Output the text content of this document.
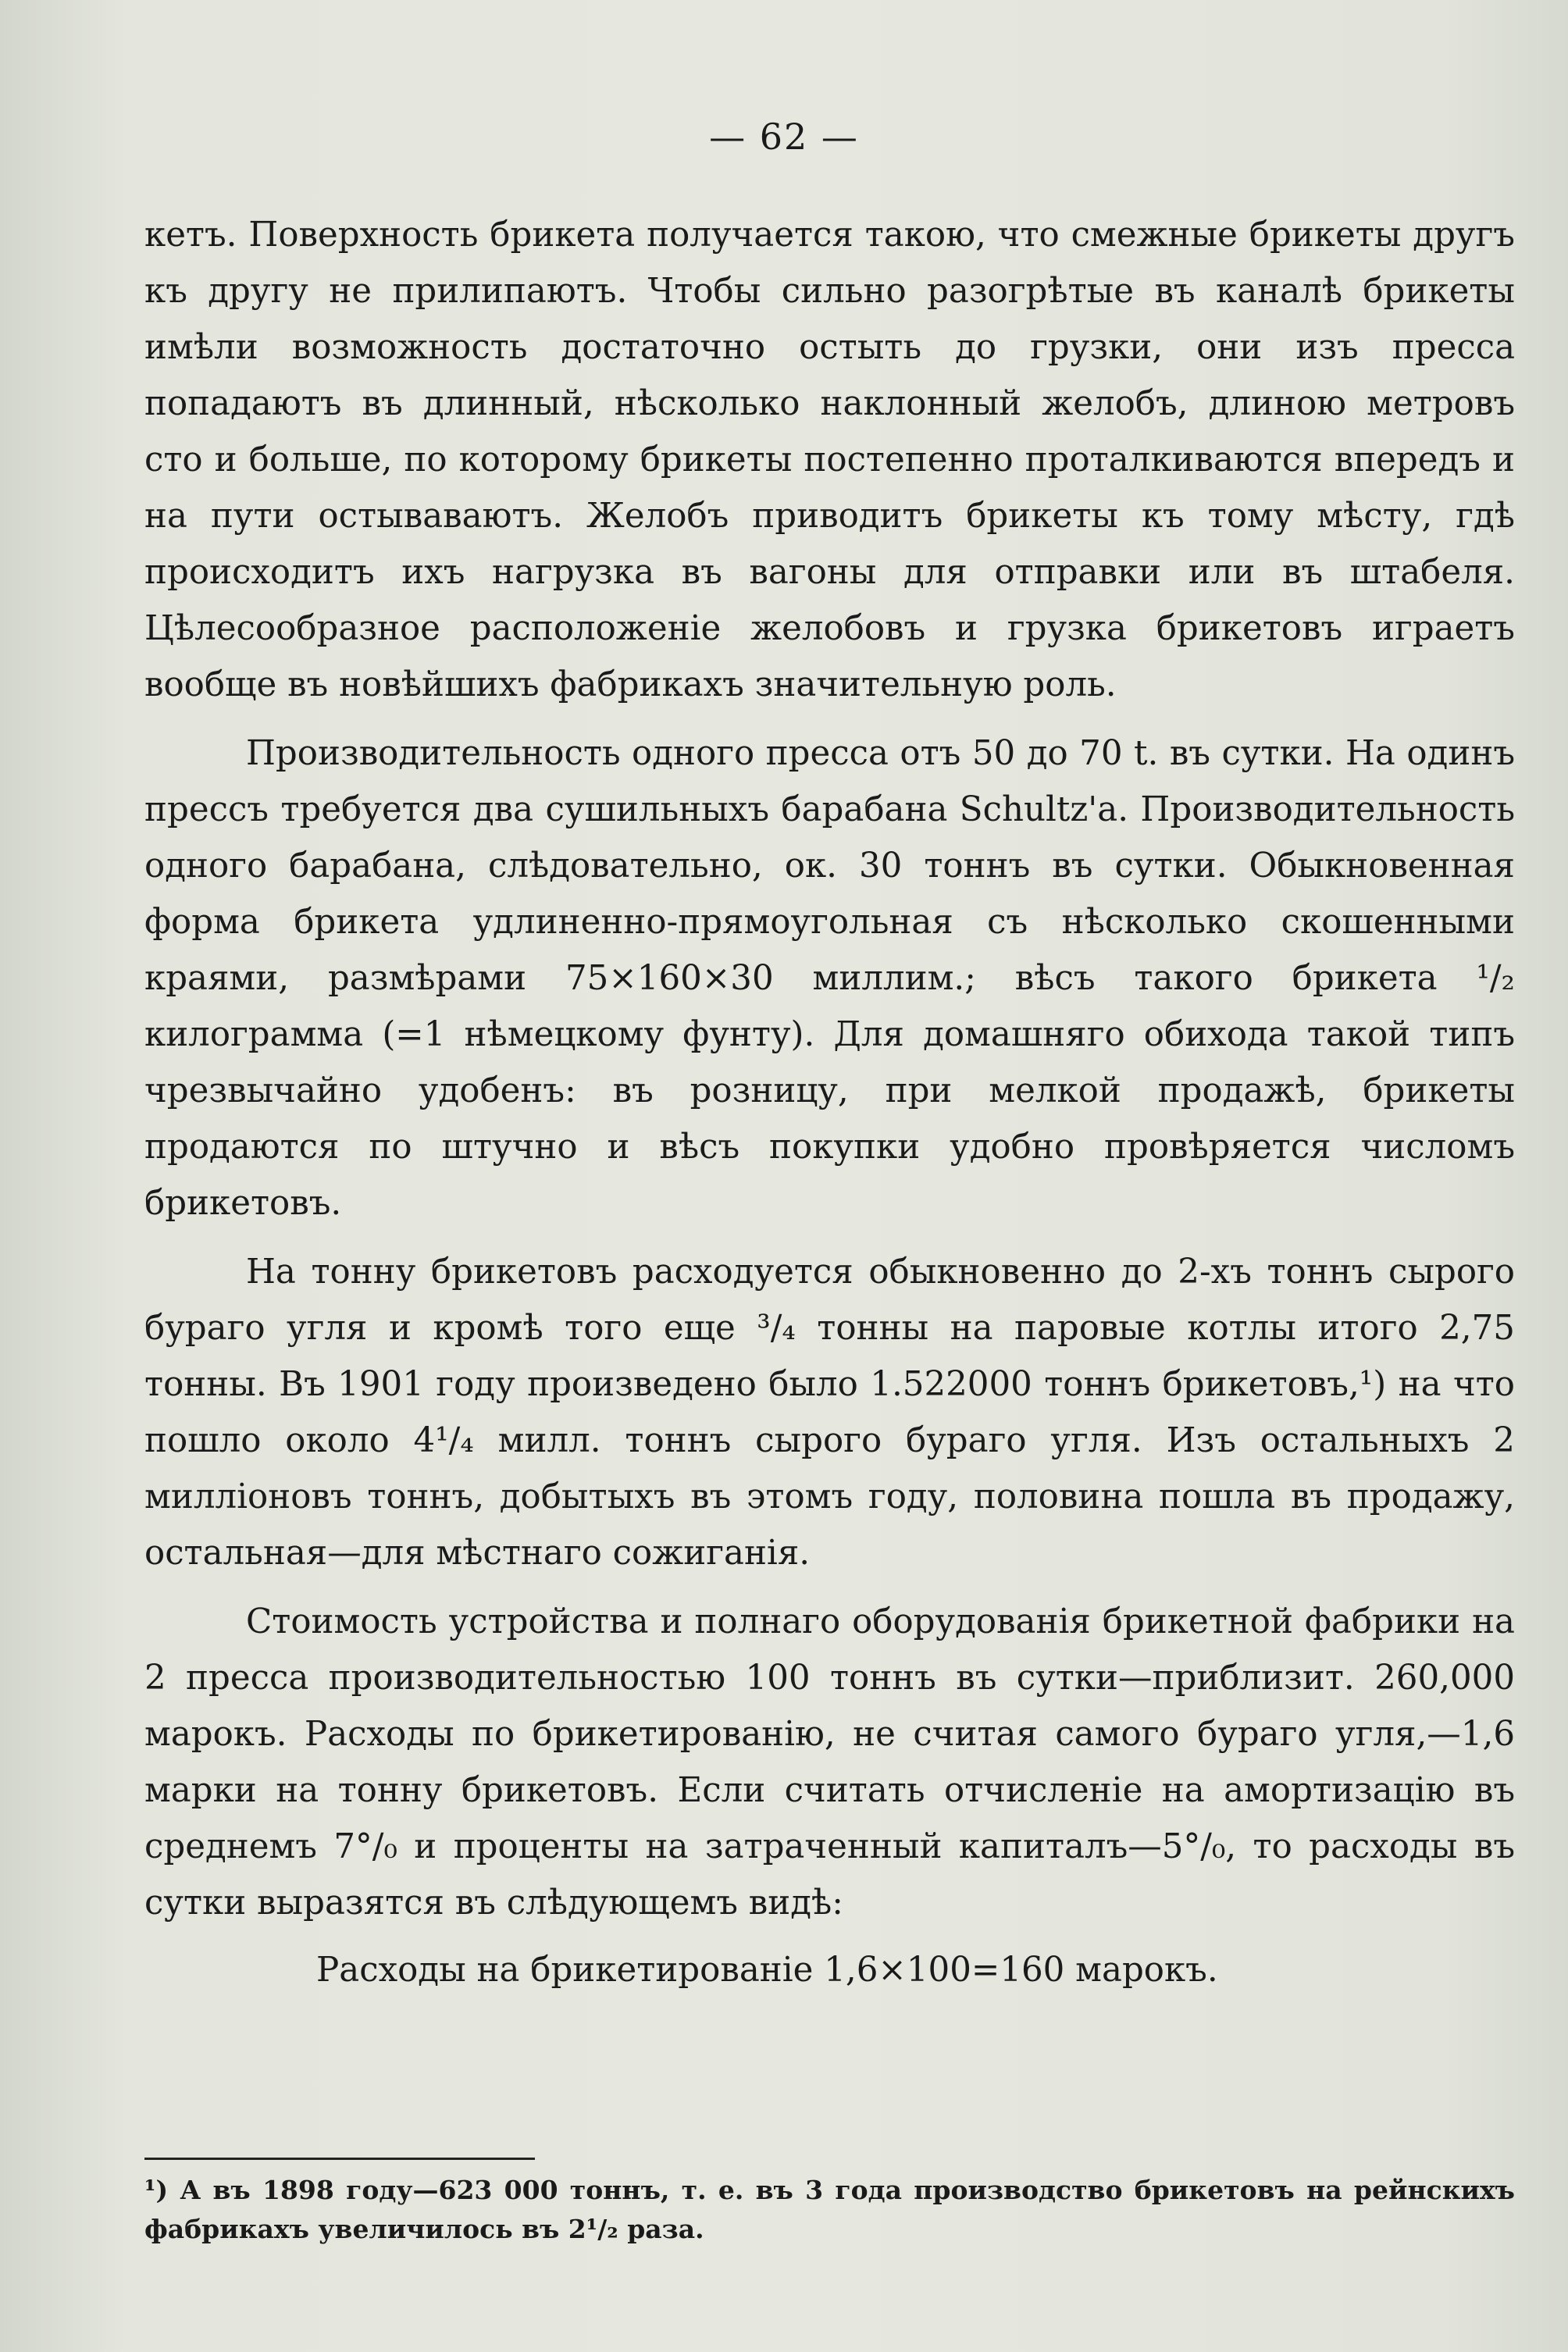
— 62 —

кетъ. Поверхность брикета получается такою, что смежные брикеты другъ къ другу не прилипаютъ. Чтобы сильно разогрѣтые въ каналѣ брикеты имѣли возможность достаточно остыть до грузки, они изъ пресса попадаютъ въ длинный, нѣсколько наклонный желобъ, длиною метровъ сто и больше, по которому брикеты постепенно проталкиваются впередъ и на пути остываваютъ. Желобъ приводитъ брикеты къ тому мѣсту, гдѣ происходитъ ихъ нагрузка въ вагоны для отправки или въ штабеля. Цѣлесообразное расположеніе желобовъ и грузка брикетовъ играетъ вообще въ новѣйшихъ фабрикахъ значительную роль.

Производительность одного пресса отъ 50 до 70 t. въ сутки. На одинъ прессъ требуется два сушильныхъ барабана Schultz'a. Производительность одного барабана, слѣдовательно, ок. 30 тоннъ въ сутки. Обыкновенная форма брикета удлиненно-прямоугольная съ нѣсколько скошенными краями, размѣрами 75×160×30 миллим.; вѣсъ такого брикета ¹/₂ килограмма (=1 нѣмецкому фунту). Для домашняго обихода такой типъ чрезвычайно удобенъ: въ розницу, при мелкой продажѣ, брикеты продаются по штучно и вѣсъ покупки удобно провѣряется числомъ брикетовъ.

На тонну брикетовъ расходуется обыкновенно до 2-хъ тоннъ сырого бураго угля и кромѣ того еще ³/₄ тонны на паровые котлы итого 2,75 тонны. Въ 1901 году произведено было 1.522000 тоннъ брикетовъ,¹) на что пошло около 4¹/₄ милл. тоннъ сырого бураго угля. Изъ остальныхъ 2 милліоновъ тоннъ, добытыхъ въ этомъ году, половина пошла въ продажу, остальная—для мѣстнаго сожиганія.

Стоимость устройства и полнаго оборудованія брикетной фабрики на 2 пресса производительностью 100 тоннъ въ сутки—приблизит. 260,000 марокъ. Расходы по брикетированію, не считая самого бураго угля,—1,6 марки на тонну брикетовъ. Если считать отчисленіе на амортизацію въ среднемъ 7°/₀ и проценты на затраченный капиталъ—5°/₀, то расходы въ сутки выразятся въ слѣдующемъ видѣ:

Расходы на брикетированіе 1,6×100=160 марокъ.
¹) А въ 1898 году—623 000 тоннъ, т. е. въ 3 года производство брикетовъ на рейнскихъ фабрикахъ увеличилось въ 2¹/₂ раза.
